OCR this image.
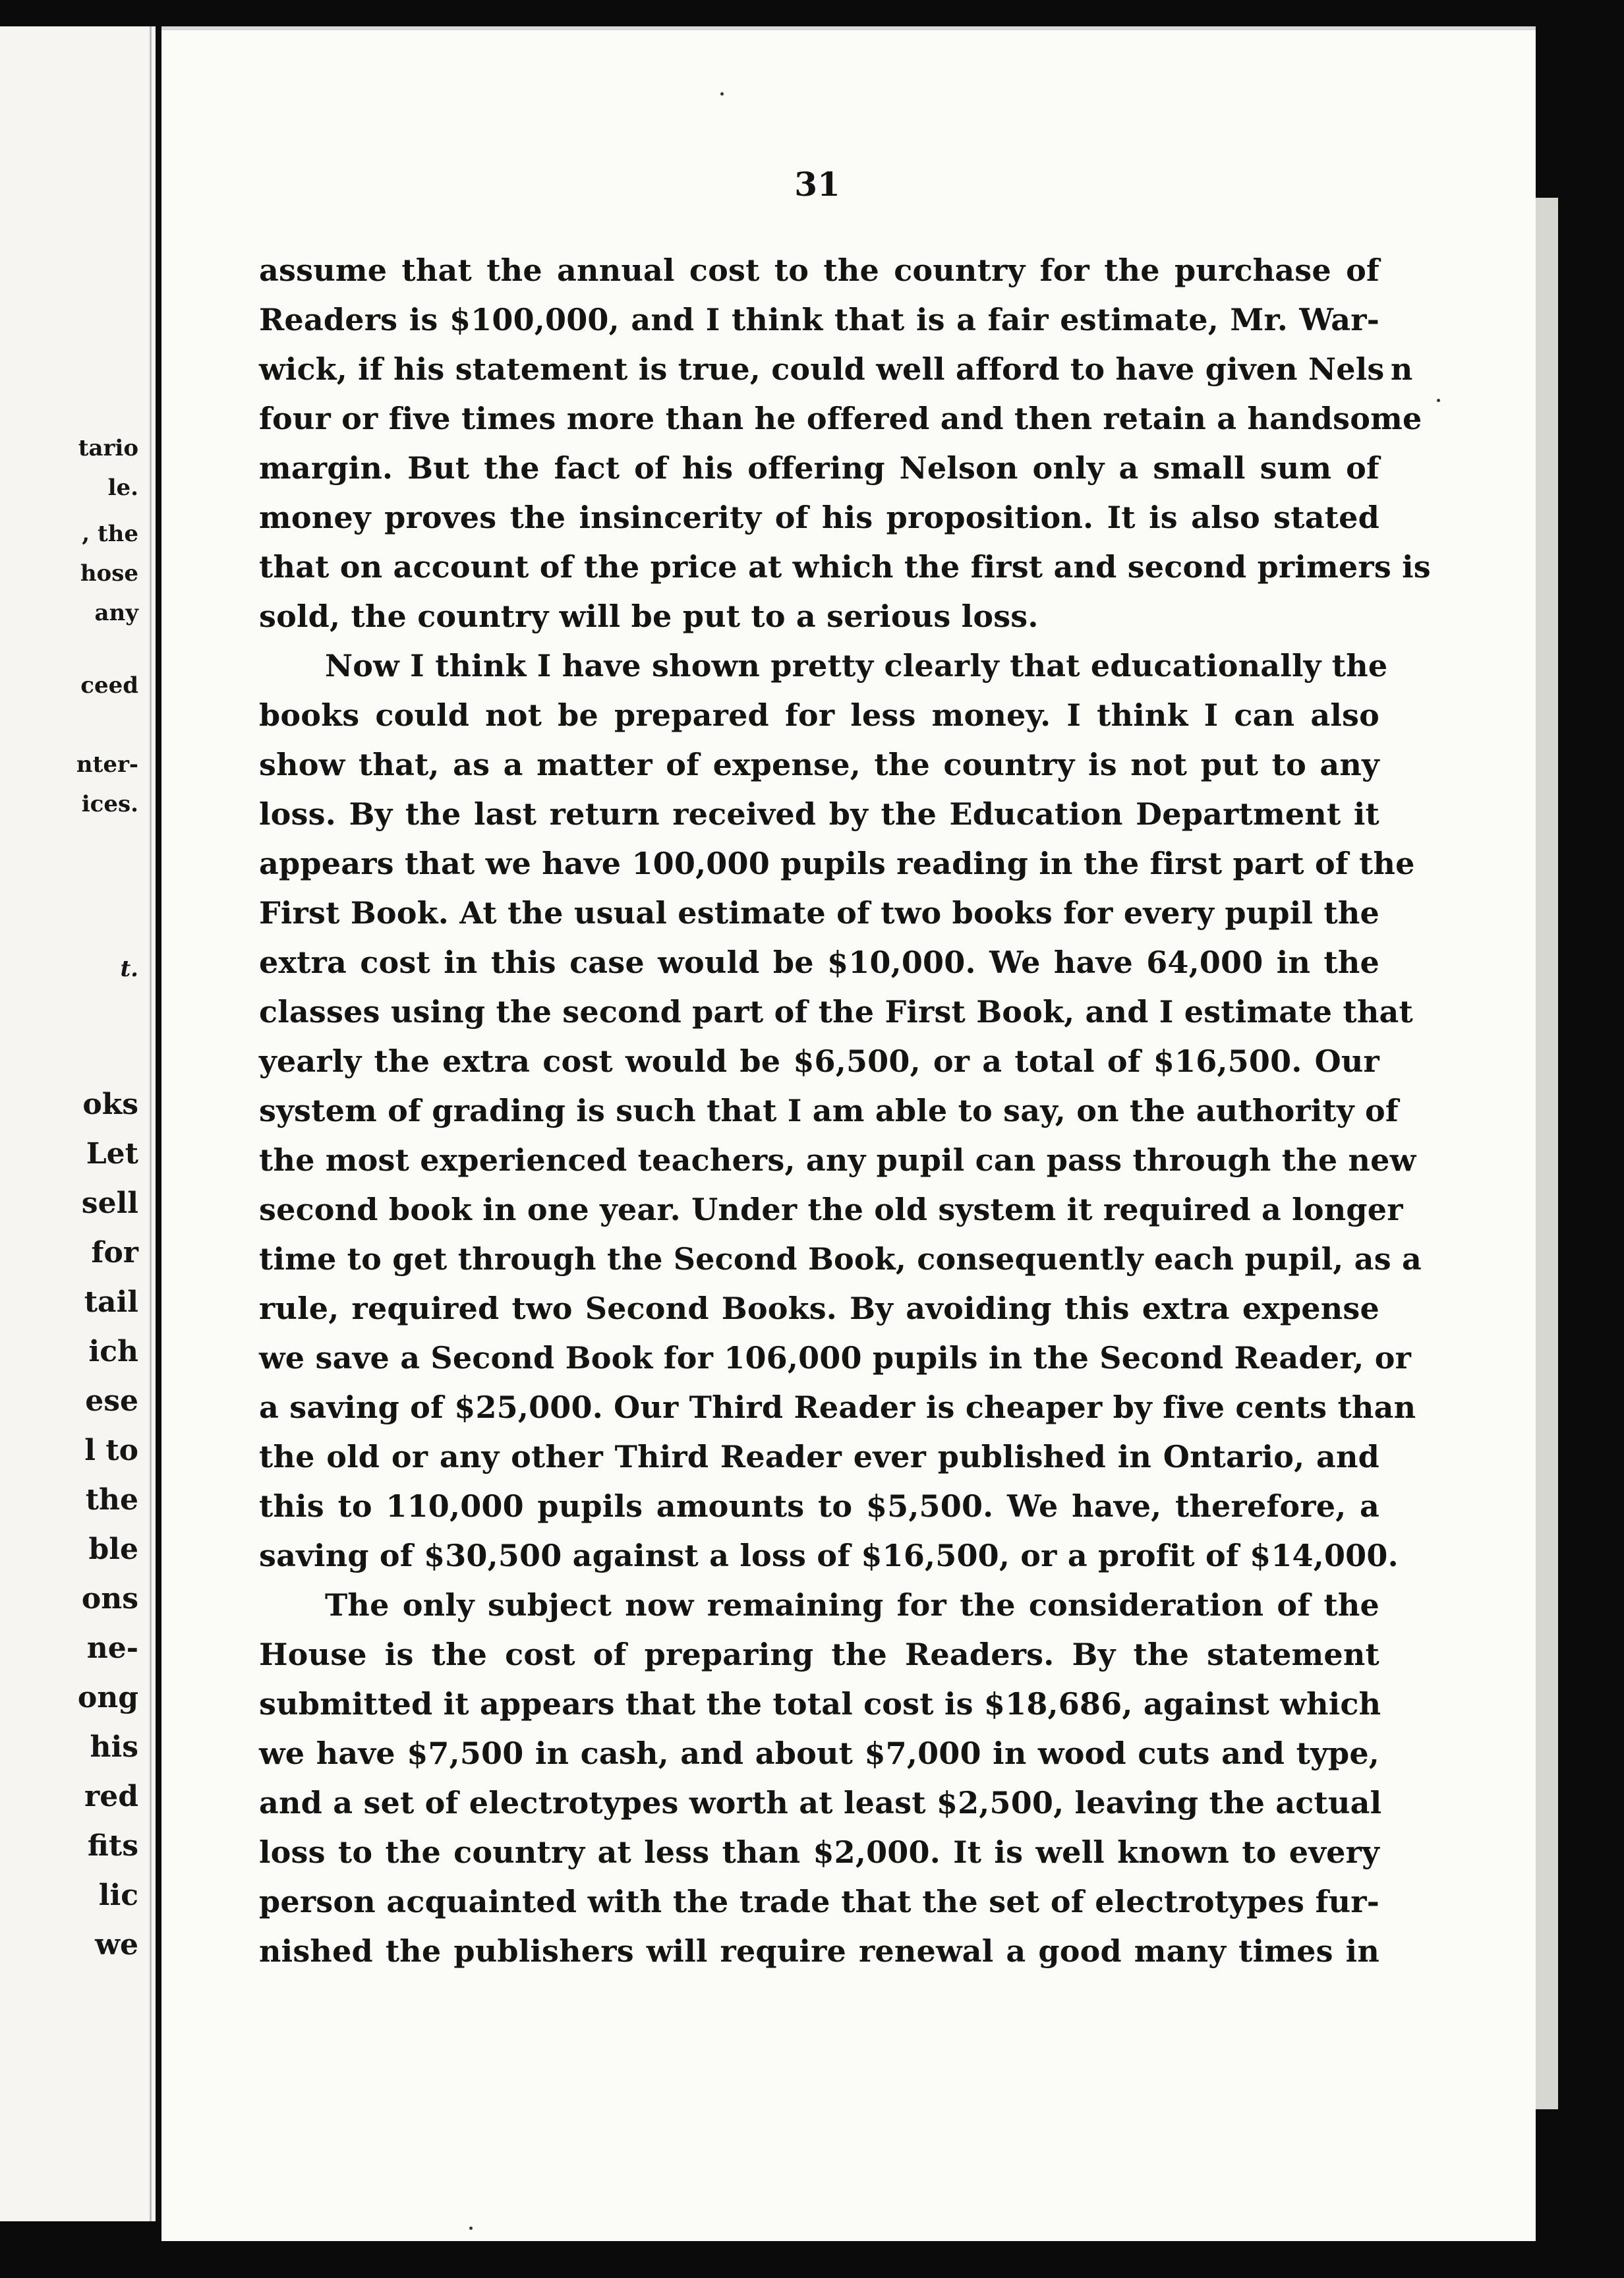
tario
le.
, the
hose
any
ceed
nter-
ices.
t.
oks
Let
sell
for
tail
ich
ese
l to
the
ble
ons
ne-
ong
his
red
fits
lic
we
31
assume that the annual cost to the country for the purchase of
Readers is $100,000, and I think that is a fair estimate, Mr. War-
wick, if his statement is true, could well afford to have given Nels n
four or five times more than he offered and then retain a handsome
margin. But the fact of his offering Nelson only a small sum of
money proves the insincerity of his proposition. It is also stated
that on account of the price at which the first and second primers is
sold, the country will be put to a serious loss.
Now I think I have shown pretty clearly that educationally the
books could not be prepared for less money. I think I can also
show that, as a matter of expense, the country is not put to any
loss. By the last return received by the Education Department it
appears that we have 100,000 pupils reading in the first part of the
First Book. At the usual estimate of two books for every pupil the
extra cost in this case would be $10,000. We have 64,000 in the
classes using the second part of the First Book, and I estimate that
yearly the extra cost would be $6,500, or a total of $16,500. Our
system of grading is such that I am able to say, on the authority of
the most experienced teachers, any pupil can pass through the new
second book in one year. Under the old system it required a longer
time to get through the Second Book, consequently each pupil, as a
rule, required two Second Books. By avoiding this extra expense
we save a Second Book for 106,000 pupils in the Second Reader, or
a saving of $25,000. Our Third Reader is cheaper by five cents than
the old or any other Third Reader ever published in Ontario, and
this to 110,000 pupils amounts to $5,500. We have, therefore, a
saving of $30,500 against a loss of $16,500, or a profit of $14,000.
The only subject now remaining for the consideration of the
House is the cost of preparing the Readers. By the statement
submitted it appears that the total cost is $18,686, against which
we have $7,500 in cash, and about $7,000 in wood cuts and type,
and a set of electrotypes worth at least $2,500, leaving the actual
loss to the country at less than $2,000. It is well known to every
person acquainted with the trade that the set of electrotypes fur-
nished the publishers will require renewal a good many times in
